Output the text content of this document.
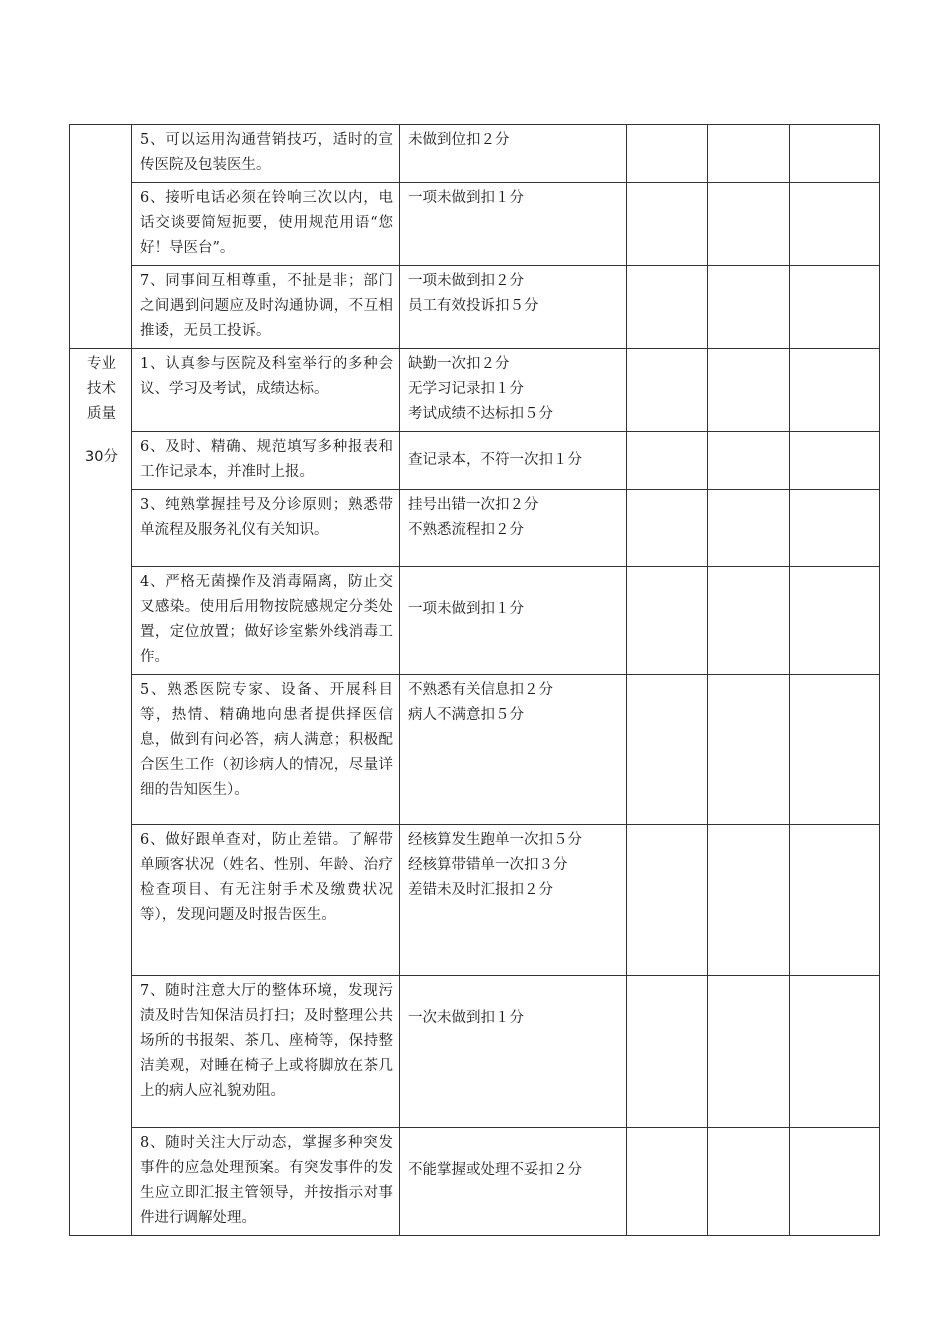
	5、可以运用沟通营销技巧，适时的宣传医院及包装医生。	未做到位扣２分			

	6、接听电话必须在铃响三次以内，电话交谈要简短扼要，使用规范用语“您好！导医台”。	一项未做到扣１分			

	7、同事间互相尊重，不扯是非；部门之间遇到问题应及时沟通协调，不互相推诿，无员工投诉。	一项未做到扣２分
员工有效投诉扣５分			

专业技术质量
30分	1、认真参与医院及科室举行的多种会议、学习及考试，成绩达标。	缺勤一次扣２分
无学习记录扣１分
考试成绩不达标扣５分			

	6、及时、精确、规范填写多种报表和工作记录本，并准时上报。	查记录本，不符一次扣１分			

	3、纯熟掌握挂号及分诊原则；熟悉带单流程及服务礼仪有关知识。	挂号出错一次扣２分
不熟悉流程扣２分			

	4、严格无菌操作及消毒隔离，防止交叉感染。使用后用物按院感规定分类处置，定位放置；做好诊室紫外线消毒工作。	一项未做到扣１分			

	5、熟悉医院专家、设备、开展科目等，热情、精确地向患者提供择医信息，做到有问必答，病人满意；积极配合医生工作（初诊病人的情况，尽量详细的告知医生）。	不熟悉有关信息扣２分
病人不满意扣５分			

	6、做好跟单查对，防止差错。了解带单顾客状况（姓名、性别、年龄、治疗检查项目、有无注射手术及缴费状况等），发现问题及时报告医生。	经核算发生跑单一次扣５分
经核算带错单一次扣３分
差错未及时汇报扣２分			

	7、随时注意大厅的整体环境，发现污渍及时告知保洁员打扫；及时整理公共场所的书报架、茶几、座椅等，保持整洁美观，对睡在椅子上或将脚放在茶几上的病人应礼貌劝阻。	一次未做到扣１分			

	8、随时关注大厅动态，掌握多种突发事件的应急处理预案。有突发事件的发生应立即汇报主管领导，并按指示对事件进行调解处理。	不能掌握或处理不妥扣２分			
